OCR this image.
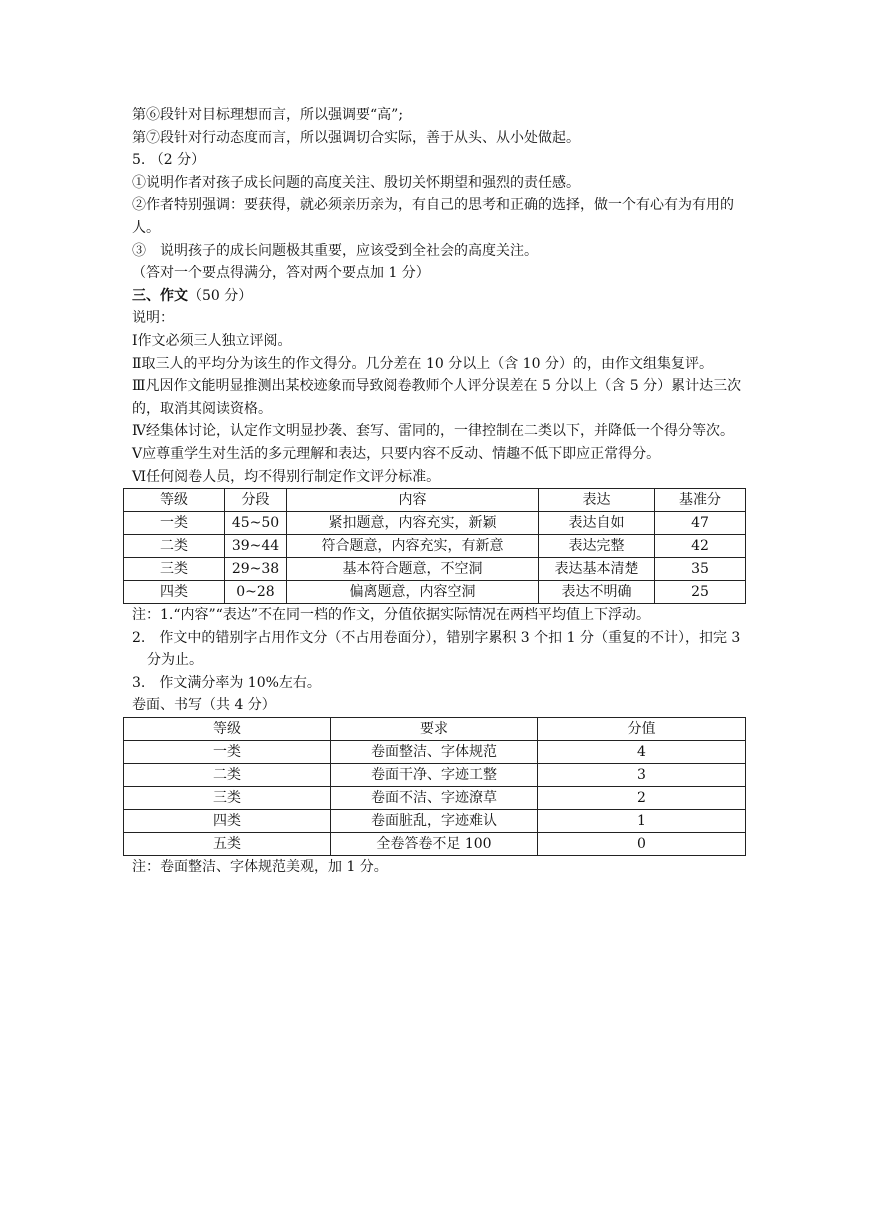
第⑥段针对目标理想而言，所以强调要“高”;
第⑦段针对行动态度而言，所以强调切合实际，善于从头、从小处做起。
5. （2 分）
①说明作者对孩子成长问题的高度关注、殷切关怀期望和强烈的责任感。
②作者特别强调：要获得，就必须亲历亲为，有自己的思考和正确的选择，做一个有心有为有用的人。
③　说明孩子的成长问题极其重要，应该受到全社会的高度关注。
（答对一个要点得满分，答对两个要点加 1 分）
三、作文（50 分）
说明：
Ⅰ作文必须三人独立评阅。
Ⅱ取三人的平均分为该生的作文得分。几分差在 10 分以上（含 10 分）的，由作文组集复评。
Ⅲ凡因作文能明显推测出某校迹象而导致阅卷教师个人评分误差在 5 分以上（含 5 分）累计达三次的，取消其阅读资格。
Ⅳ经集体讨论，认定作文明显抄袭、套写、雷同的，一律控制在二类以下，并降低一个得分等次。
Ⅴ应尊重学生对生活的多元理解和表达，只要内容不反动、情趣不低下即应正常得分。
Ⅵ任何阅卷人员，均不得别行制定作文评分标准。
等级	分段	内容	表达	基准分
一类	45~50	紧扣题意，内容充实，新颖	表达自如	47
二类	39~44	符合题意，内容充实，有新意	表达完整	42
三类	29~38	基本符合题意，不空洞	表达基本清楚	35
四类	0~28	偏离题意，内容空洞	表达不明确	25
注：1.“内容”“表达”不在同一档的作文，分值依据实际情况在两档平均值上下浮动。
2.　作文中的错别字占用作文分（不占用卷面分），错别字累积 3 个扣 1 分（重复的不计），扣完 3 分为止。
3.　作文满分率为 10%左右。
卷面、书写（共 4 分）
等级	要求	分值
一类	卷面整洁、字体规范	4
二类	卷面干净、字迹工整	3
三类	卷面不洁、字迹潦草	2
四类	卷面脏乱，字迹难认	1
五类	全卷答卷不足 100	0
注：卷面整洁、字体规范美观，加 1 分。
